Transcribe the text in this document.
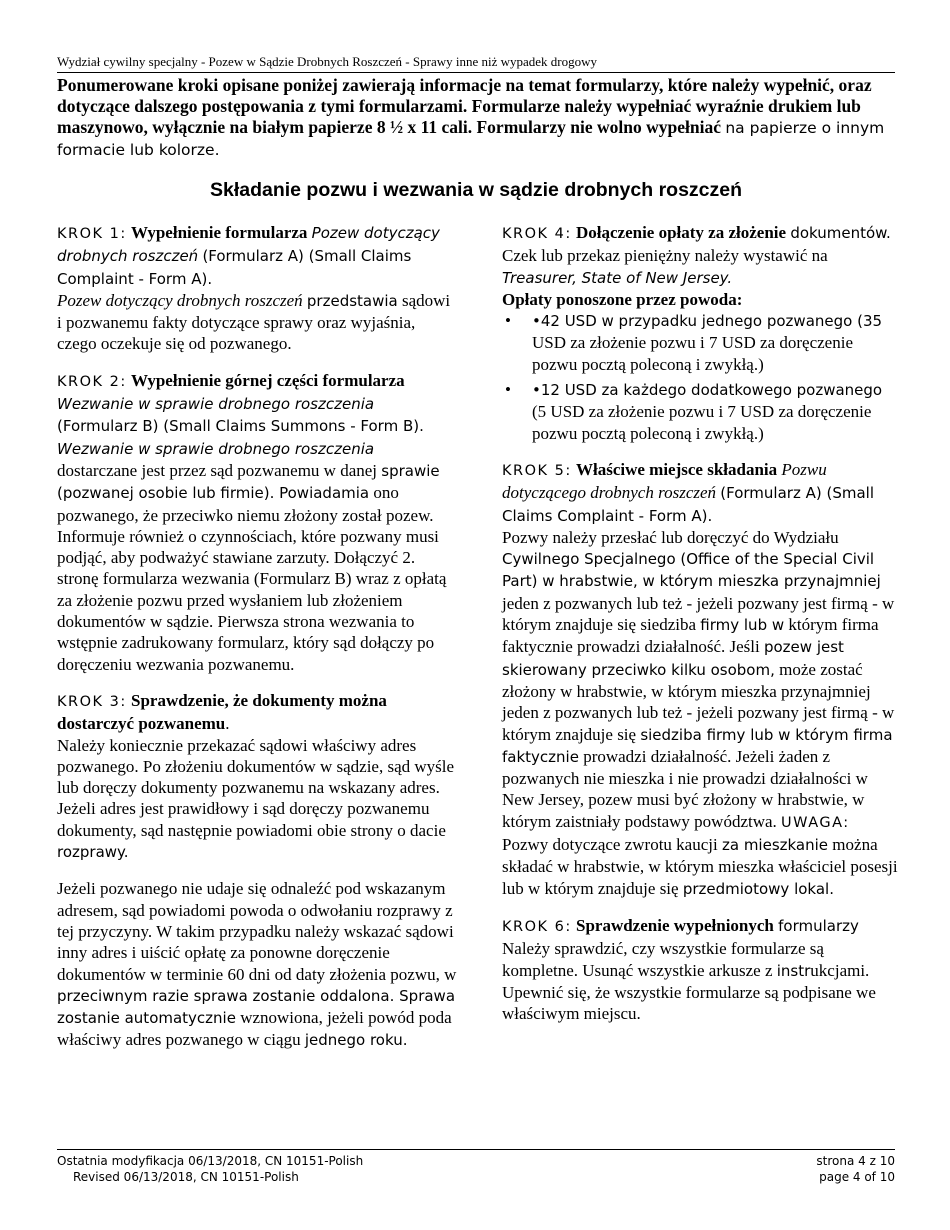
Wydział cywilny specjalny - Pozew w Sądzie Drobnych Roszczeń - Sprawy inne niż wypadek drogowy
Ponumerowane kroki opisane poniżej zawierają informacje na temat formularzy, które należy wypełnić, oraz dotyczące dalszego postępowania z tymi formularzami. Formularze należy wypełniać wyraźnie drukiem lub maszynowo, wyłącznie na białym papierze 8 ½ x 11 cali. Formularzy nie wolno wypełniać na papierze o innym formacie lub kolorze.
Składanie pozwu i wezwania w sądzie drobnych roszczeń

KROK 1: Wypełnienie formularza Pozew dotyczący drobnych roszczeń (Formularz A) (Small Claims Complaint - Form A).

Pozew dotyczący drobnych roszczeń przedstawia sądowi i pozwanemu fakty dotyczące sprawy oraz wyjaśnia, czego oczekuje się od pozwanego.

KROK 2: Wypełnienie górnej części formularza Wezwanie w sprawie drobnego roszczenia (Formularz B) (Small Claims Summons - Form B).

Wezwanie w sprawie drobnego roszczenia dostarczane jest przez sąd pozwanemu w danej sprawie (pozwanej osobie lub firmie). Powiadamia ono pozwanego, że przeciwko niemu złożony został pozew. Informuje również o czynnościach, które pozwany musi podjąć, aby podważyć stawiane zarzuty. Dołączyć 2. stronę formularza wezwania (Formularz B) wraz z opłatą za złożenie pozwu przed wysłaniem lub złożeniem dokumentów w sądzie. Pierwsza strona wezwania to wstępnie zadrukowany formularz, który sąd dołączy po doręczeniu wezwania pozwanemu.

KROK 3: Sprawdzenie, że dokumenty można dostarczyć pozwanemu.

Należy koniecznie przekazać sądowi właściwy adres pozwanego. Po złożeniu dokumentów w sądzie, sąd wyśle lub doręczy dokumenty pozwanemu na wskazany adres. Jeżeli adres jest prawidłowy i sąd doręczy pozwanemu dokumenty, sąd następnie powiadomi obie strony o dacie rozprawy.

Jeżeli pozwanego nie udaje się odnaleźć pod wskazanym adresem, sąd powiadomi powoda o odwołaniu rozprawy z tej przyczyny. W takim przypadku należy wskazać sądowi inny adres i uiścić opłatę za ponowne doręczenie dokumentów w terminie 60 dni od daty złożenia pozwu, w przeciwnym razie sprawa zostanie oddalona. Sprawa zostanie automatycznie wznowiona, jeżeli powód poda właściwy adres pozwanego w ciągu jednego roku.

KROK 4: Dołączenie opłaty za złożenie dokumentów.

Czek lub przekaz pieniężny należy wystawić na Treasurer, State of New Jersey.

Opłaty ponoszone przez powoda:

• •42 USD w przypadku jednego pozwanego (35 USD za złożenie pozwu i 7 USD za doręczenie pozwu pocztą poleconą i zwykłą.)
• •12 USD za każdego dodatkowego pozwanego (5 USD za złożenie pozwu i 7 USD za doręczenie pozwu pocztą poleconą i zwykłą.)

KROK 5: Właściwe miejsce składania Pozwu dotyczącego drobnych roszczeń (Formularz A) (Small Claims Complaint - Form A).

Pozwy należy przesłać lub doręczyć do Wydziału Cywilnego Specjalnego (Office of the Special Civil Part) w hrabstwie, w którym mieszka przynajmniej jeden z pozwanych lub też - jeżeli pozwany jest firmą - w którym znajduje się siedziba firmy lub w którym firma faktycznie prowadzi działalność. Jeśli pozew jest skierowany przeciwko kilku osobom, może zostać złożony w hrabstwie, w którym mieszka przynajmniej jeden z pozwanych lub też - jeżeli pozwany jest firmą - w którym znajduje się siedziba firmy lub w którym firma faktycznie prowadzi działalność. Jeżeli żaden z pozwanych nie mieszka i nie prowadzi działalności w New Jersey, pozew musi być złożony w hrabstwie, w którym zaistniały podstawy powództwa. UWAGA: Pozwy dotyczące zwrotu kaucji za mieszkanie można składać w hrabstwie, w którym mieszka właściciel posesji lub w którym znajduje się przedmiotowy lokal.

KROK 6: Sprawdzenie wypełnionych formularzy

Należy sprawdzić, czy wszystkie formularze są kompletne. Usunąć wszystkie arkusze z instrukcjami. Upewnić się, że wszystkie formularze są podpisane we właściwym miejscu.

Ostatnia modyfikacja 06/13/2018, CN 10151-Polish
Revised 06/13/2018, CN 10151-Polish
strona 4 z 10
page 4 of 10
